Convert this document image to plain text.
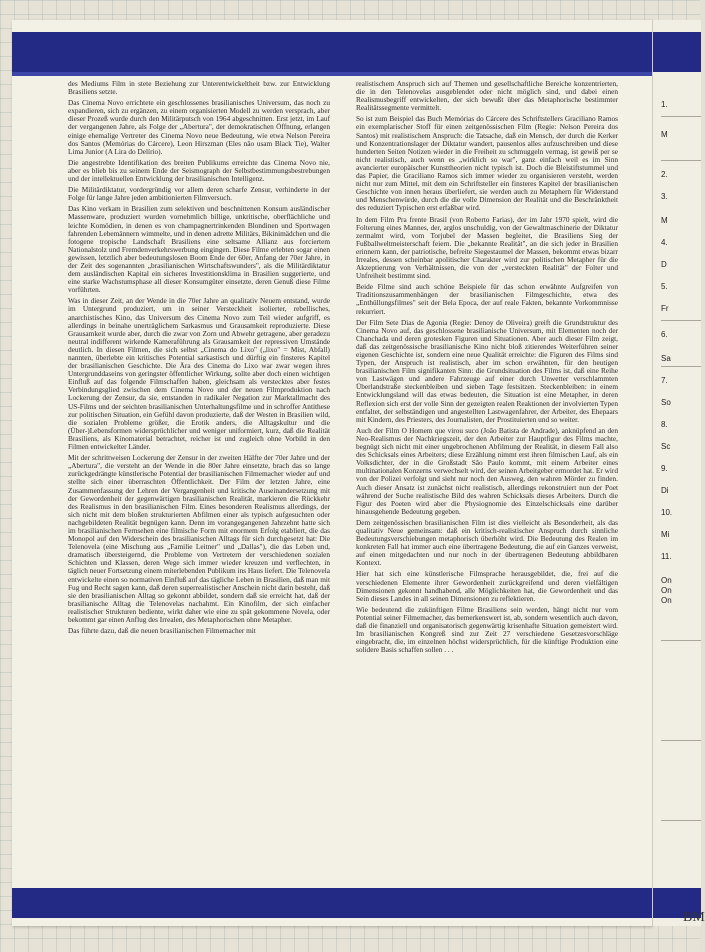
des Mediums Film in stete Beziehung zur Unterentwickeltheit bzw. zur Entwicklung Brasiliens setzte.

Das Cinema Novo errichtete ein geschlossenes brasilianisches Universum, das noch zu expandieren, sich zu ergänzen, zu einem organisierten Modell zu werden versprach, aber dieser Prozeß wurde durch den Militärputsch von 1964 abgeschnitten. Erst jetzt, im Lauf der vergangenen Jahre, als Folge der „Abertura", der demokratischen Öffnung, erlangen einige ehemalige Vertreter des Cinema Novo neue Bedeutung, wie etwa Nelson Pereira dos Santos (Memórias do Cárcere), Leon Hirszman (Eles não usam Black Tie), Walter Lima Junior (A Lira do Delírio).

Die angestrebte Identifikation des breiten Publikums erreichte das Cinema Novo nie, aber es blieb bis zu seinem Ende der Seismograph der Selbstbestimmungsbestrebungen und der intellektuellen Entwicklung der brasilianischen Intelligenz.

Die Militärdiktatur, vordergründig vor allem deren scharfe Zensur, verhinderte in der Folge für lange Jahre jeden ambitionierten Filmversuch.

Das Kino verkam in Brasilien zum selektiven und beschnittenen Konsum ausländischer Massenware, produziert wurden vornehmlich billige, unkritische, oberflächliche und leichte Komödien, in denen es von champagnertrinkenden Blondinen und Sportwagen fahrenden Lebemännern wimmelte, und in denen adrette Militärs, Bikinimädchen und die fotogene tropische Landschaft Brasiliens eine seltsame Allianz aus forciertem Nationalstolz und Fremdenverkehrswerbung eingingen. Diese Filme erlebten sogar einen gewissen, letztlich aber bedeutungslosen Boom Ende der 60er, Anfang der 70er Jahre, in der Zeit des sogenannten „brasilianischen Wirtschaftswunders", als die Militärdiktatur dem ausländischen Kapital ein sicheres Investitionsklima in Brasilien suggerierte, und eine starke Wachstumsphase all dieser Konsumgüter einsetzte, deren Genuß diese Filme vorführten.

Was in dieser Zeit, an der Wende in die 70er Jahre an qualitativ Neuem entstand, wurde im Untergrund produziert, um in seiner Versteckheit isolierter, rebellisches, anarchistisches Kino, das Universum des Cinema Novo zum Teil wieder aufgriff, es allerdings in beinahe unerträglichem Sarkasmus und Grausamkeit reproduzierte. Diese Grausamkeit wurde aber, durch die zwar von Zorn und Abwehr getragene, aber geradezu neutral indifferent wirkende Kameraführung als Grausamkeit der repressiven Umstände deutlich. In diesen Filmen, die sich selbst „Cinema do Lixo" („lixo" = Mist, Abfall) nannten, überlebte ein kritisches Potential sarkastisch und dürftig ein finsteres Kapitel der brasilianischen Geschichte. Die Ära des Cinema do Lixo war zwar wegen ihres Untergrunddaseins von geringster öffentlicher Wirkung, sollte aber doch einen wichtigen Einfluß auf das folgende Filmschaffen haben, gleichsam als verstecktes aber festes Verbindungsglied zwischen dem Cinema Novo und der neuen Filmproduktion nach Lockerung der Zensur, da sie, entstanden in radikaler Negation zur Marktallmacht des US-Films und der seichten brasilianischen Unterhaltungsfilme und in schroffer Antithese zur politischen Situation, ein Gefühl davon produzierte, daß der Westen in Brasilien wild, die sozialen Probleme größer, die Erotik anders, die Alltagskultur und die (Über-)Lebensformen widersprüchlicher und weniger uniformiert, kurz, daß die Realität Brasiliens, als Kinomaterial betrachtet, reicher ist und zugleich ohne Vorbild in den Filmen entwickelter Länder.

Mit der schrittweisen Lockerung der Zensur in der zweiten Hälfte der 70er Jahre und der „Abertura", die versteht an der Wende in die 80er Jahre einsetzte, brach das so lange zurückgedrängte künstlerische Potential der brasilianischen Filmemacher wieder auf und stellte sich einer überraschten Öffentlichkeit. Der Film der letzten Jahre, eine Zusammenfassung der Lehren der Vergangenheit und kritische Auseinandersetzung mit der Gewordenheit der gegenwärtigen brasilianischen Realität, markieren die Rückkehr des Realismus in den brasilianischen Film. Eines besonderen Realismus allerdings, der sich nicht mit dem bloßen strukturierten Abfilmen einer als typisch aufgesuchten oder nachgebildeten Realität begnügen kann. Denn im vorangegangenen Jahrzehnt hatte sich im brasilianischen Fernsehen eine filmische Form mit enormem Erfolg etabliert, die das Monopol auf den Widerschein des brasilianischen Alltags für sich durchgesetzt hat: Die Telenovela (eine Mischung aus „Familie Leitner" und „Dallas"), die das Leben und, dramatisch übersteigernd, die Probleme von Vertretern der verschiedenen sozialen Schichten und Klassen, deren Wege sich immer wieder kreuzen und verflechten, in täglich neuer Fortsetzung einem miterlebenden Publikum ins Haus liefert. Die Telenovela entwickelte einen so normativen Einfluß auf das tägliche Leben in Brasilien, daß man mit Fug und Recht sagen kann, daß deren superrealistischer Anschein nicht darin besteht, daß sie den brasilianischen Alltag so gekonnt abbildet, sondern daß sie erreicht hat, daß der brasilianische Alltag die Telenovelas nachahmt. Ein Kinofilm, der sich einfacher realistischer Strukturen bediente, wirkt daher wie eine zu spät gekommene Novela, oder bekommt gar einen Anflug des Irrealen, des Metaphorischen ohne Metapher.

Das führte dazu, daß die neuen brasilianischen Filmemacher mit

realistischem Anspruch sich auf Themen und gesellschaftliche Bereiche konzentrierten, die in den Telenovelas ausgeblendet oder nicht möglich sind, und dabei einen Realismusbegriff entwickelten, der sich bewußt über das Metaphorische bestimmter Realitätssegmente vermittelt.

So ist zum Beispiel das Buch Memórias do Cárcere des Schriftstellers Graciliano Ramos ein exemplarischer Stoff für einen zeitgenössischen Film (Regie: Nelson Pereira dos Santos) mit realistischem Anspruch: die Tatsache, daß ein Mensch, der durch die Kerker und Konzentrationslager der Diktatur wandert, pausenlos alles aufzuschreiben und diese hunderten Seiten Notizen wieder in die Freiheit zu schmuggeln vermag, ist gewiß per se nicht realistisch, auch wenn es „wirklich so war", ganz einfach weil es im Sinn avancierter europäischer Kunsttheorien nicht typisch ist. Doch die Bleistiftstummel und das Papier, die Graciliano Ramos sich immer wieder zu organisieren versteht, werden nicht nur zum Mittel, mit dem ein Schriftsteller ein finsteres Kapitel der brasilianischen Geschichte von innen heraus überliefert, sie werden auch zu Metaphern für Widerstand und Menschenwürde, durch die die volle Dimension der Realität und die Beschränktheit des reduziert Typischen erst erfaßbar wird.

In dem Film Pra frente Brasil (von Roberto Farias), der im Jahr 1970 spielt, wird die Folterung eines Mannes, der, arglos unschuldig, von der Gewaltmaschinerie der Diktatur zermalmt wird, vom Torjubel der Massen begleitet, die Brasiliens Sieg der Fußballweltmeisterschaft feiern. Die „bekannte Realität", an die sich jeder in Brasilien erinnern kann, der patriotische, befreite Siegestaumel der Massen, bekommt etwas bizarr Irreales, dessen scheinbar apolitischer Charakter wird zur politischen Metapher für die Akzeptierung von Verhältnissen, die von der „versteckten Realität" der Folter und Unfreiheit bestimmt sind.

Beide Filme sind auch schöne Beispiele für das schon erwähnte Aufgreifen von Traditionszusammenhängen der brasilianischen Filmgeschichte, etwa des „Enthüllungsfilmes" seit der Bela Epoca, der auf reale Fakten, bekannte Vorkommnisse rekurriert.

Der Film Sete Dias de Agonia (Regie: Denoy de Oliveira) greift die Grundstruktur des Cinema Novo auf, das geschlossene brasilianische Universum, mit Elementen noch der Chanchada und deren grotesken Figuren und Situationen. Aber auch dieser Film zeigt, daß das zeitgenössische brasilianische Kino nicht bloß zitierendes Weiterführen seiner eigenen Geschichte ist, sondern eine neue Qualität erreichte: die Figuren des Films sind Typen, der Anspruch ist realistisch, aber im schon erwähnten, für den heutigen brasilianischen Film signifikanten Sinn: die Grundsituation des Films ist, daß eine Reihe von Lastwägen und andere Fahrzeuge auf einer durch Unwetter verschlammten Überlandstraße steckenbleiben und sieben Tage festsitzen. Steckenbleiben: in einem Entwicklungsland will das etwas bedeuten, die Situation ist eine Metapher, in deren Reflexion sich erst der volle Sinn der gezeigten realen Reaktionen der involvierten Typen entfaltet, der selbständigen und angestellten Lastwagenfahrer, der Arbeiter, des Ehepaars mit Kindern, des Priesters, des Journalisten, der Prostituierten und so weiter.

Auch der Film O Homem que virou suco (João Batista de Andrade), anknüpfend an den Neo-Realismus der Nachkriegszeit, der den Arbeiter zur Hauptfigur des Films machte, begnügt sich nicht mit einer ungebrochenen Abfilmung der Realität, in diesem Fall also des Schicksals eines Arbeiters; diese Erzählung nimmt erst ihren filmischen Lauf, als ein Volksdichter, der in die Großstadt São Paulo kommt, mit einem Arbeiter eines multinationalen Konzerns verwechselt wird, der seinen Arbeitgeber ermordet hat. Er wird von der Polizei verfolgt und sieht nur noch den Ausweg, den wahren Mörder zu finden. Auch dieser Ansatz ist zunächst nicht realistisch, allerdings rekonstruiert nun der Poet während der Suche realistische Bild des wahren Schicksals dieses Arbeiters. Durch die Figur des Poeten wird aber die Physiognomie des Einzelschicksals eine darüber hinausgehende Bedeutung gegeben.

Dem zeitgenössischen brasilianischen Film ist dies vielleicht als Besonderheit, als das qualitativ Neue gemeinsam: daß ein kritisch-realistischer Anspruch durch sinnliche Bedeutungsverschiebungen metaphorisch überhöht wird. Die Bedeutung des Realen im konkreten Fall hat immer auch eine übertragene Bedeutung, die auf ein Ganzes verweist, auf einen mitgedachten und nur noch in der übertragenen Bedeutung abbildbaren Kontext.

Hier hat sich eine künstlerische Filmsprache herausgebildet, die, frei auf die verschiedenen Elemente ihrer Gewordenheit zurückgreifend und deren vielfältigen Dimensionen gekonnt handhabend, alle Möglichkeiten hat, die Gewordenheit und das Sein dieses Landes in all seinen Dimensionen zu reflektieren.

Wie bedeutend die zukünftigen Filme Brasiliens sein werden, hängt nicht nur vom Potential seiner Filmemacher, das bemerkenswert ist, ab, sondern wesentlich auch davon, daß die finanziell und organisatorisch gegenwärtig krisenhafte Situation gemeistert wird. Im brasilianischen Kongreß sind zur Zeit 27 verschiedene Gesetzesvorschläge eingebracht, die, im einzelnen höchst widersprüchlich, für die künftige Produktion eine solidere Basis schaffen sollen . . .

BM
1.
M
2.
3.
M
4.
D
5.
Fr
6.
Sa
7.
So
8.
Sc
9.
Di
10.
Mi
11.
On
On
On
